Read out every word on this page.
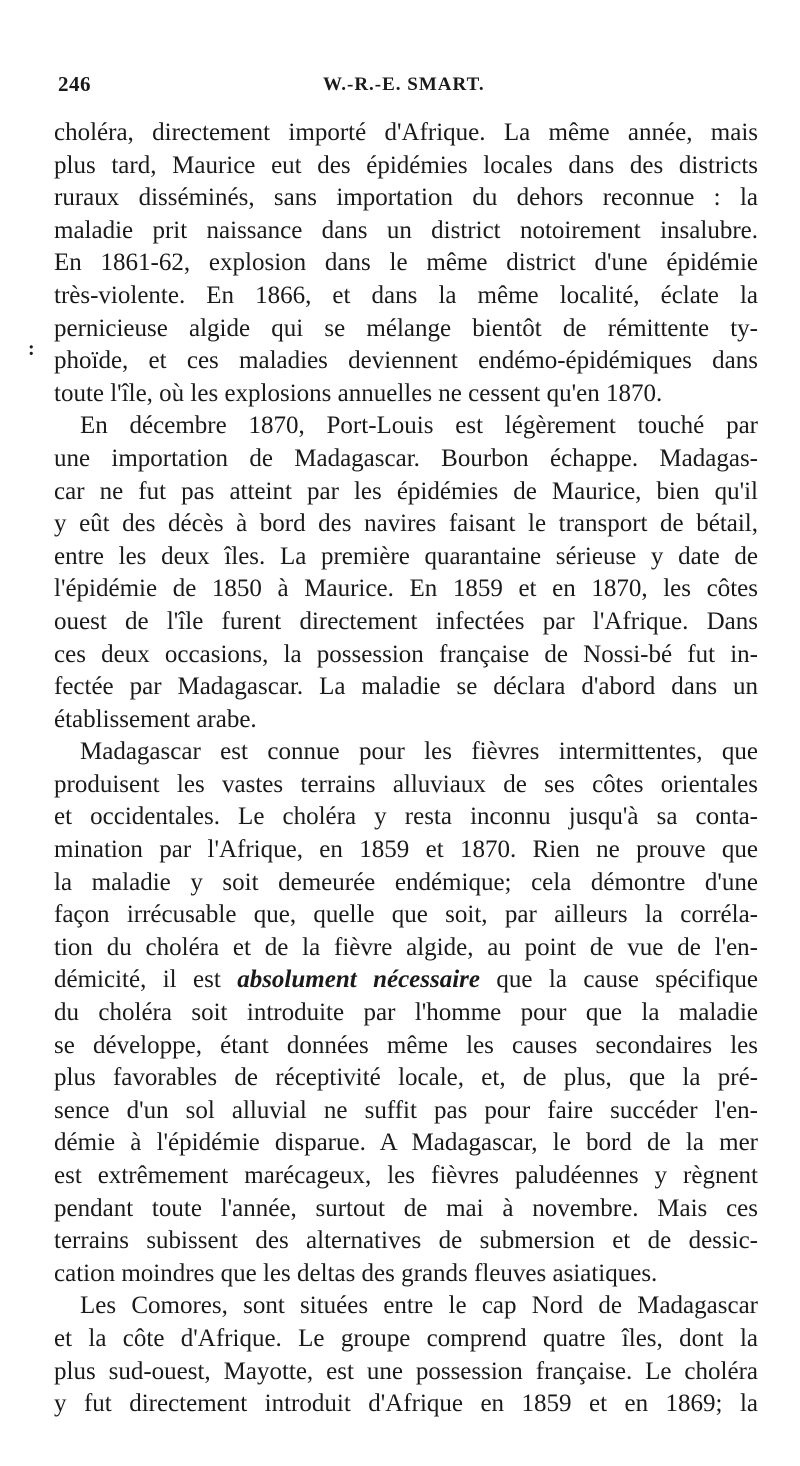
246	W.-R.-E. SMART.
:
choléra, directement importé d'Afrique. La même année, mais
plus tard, Maurice eut des épidémies locales dans des districts
ruraux disséminés, sans importation du dehors reconnue : la
maladie prit naissance dans un district notoirement insalubre.
En 1861-62, explosion dans le même district d'une épidémie
très-violente. En 1866, et dans la même localité, éclate la
pernicieuse algide qui se mélange bientôt de rémittente ty-
phoïde, et ces maladies deviennent endémo-épidémiques dans
toute l'île, où les explosions annuelles ne cessent qu'en 1870.
En décembre 1870, Port-Louis est légèrement touché par
une importation de Madagascar. Bourbon échappe. Madagas-
car ne fut pas atteint par les épidémies de Maurice, bien qu'il
y eût des décès à bord des navires faisant le transport de bétail,
entre les deux îles. La première quarantaine sérieuse y date de
l'épidémie de 1850 à Maurice. En 1859 et en 1870, les côtes
ouest de l'île furent directement infectées par l'Afrique. Dans
ces deux occasions, la possession française de Nossi-bé fut in-
fectée par Madagascar. La maladie se déclara d'abord dans un
établissement arabe.
Madagascar est connue pour les fièvres intermittentes, que
produisent les vastes terrains alluviaux de ses côtes orientales
et occidentales. Le choléra y resta inconnu jusqu'à sa conta-
mination par l'Afrique, en 1859 et 1870. Rien ne prouve que
la maladie y soit demeurée endémique; cela démontre d'une
façon irrécusable que, quelle que soit, par ailleurs la corréla-
tion du choléra et de la fièvre algide, au point de vue de l'en-
démicité, il est absolument nécessaire que la cause spécifique
du choléra soit introduite par l'homme pour que la maladie
se développe, étant données même les causes secondaires les
plus favorables de réceptivité locale, et, de plus, que la pré-
sence d'un sol alluvial ne suffit pas pour faire succéder l'en-
démie à l'épidémie disparue. A Madagascar, le bord de la mer
est extrêmement marécageux, les fièvres paludéennes y règnent
pendant toute l'année, surtout de mai à novembre. Mais ces
terrains subissent des alternatives de submersion et de dessic-
cation moindres que les deltas des grands fleuves asiatiques.
Les Comores, sont situées entre le cap Nord de Madagascar
et la côte d'Afrique. Le groupe comprend quatre îles, dont la
plus sud-ouest, Mayotte, est une possession française. Le choléra
y fut directement introduit d'Afrique en 1859 et en 1869; la
